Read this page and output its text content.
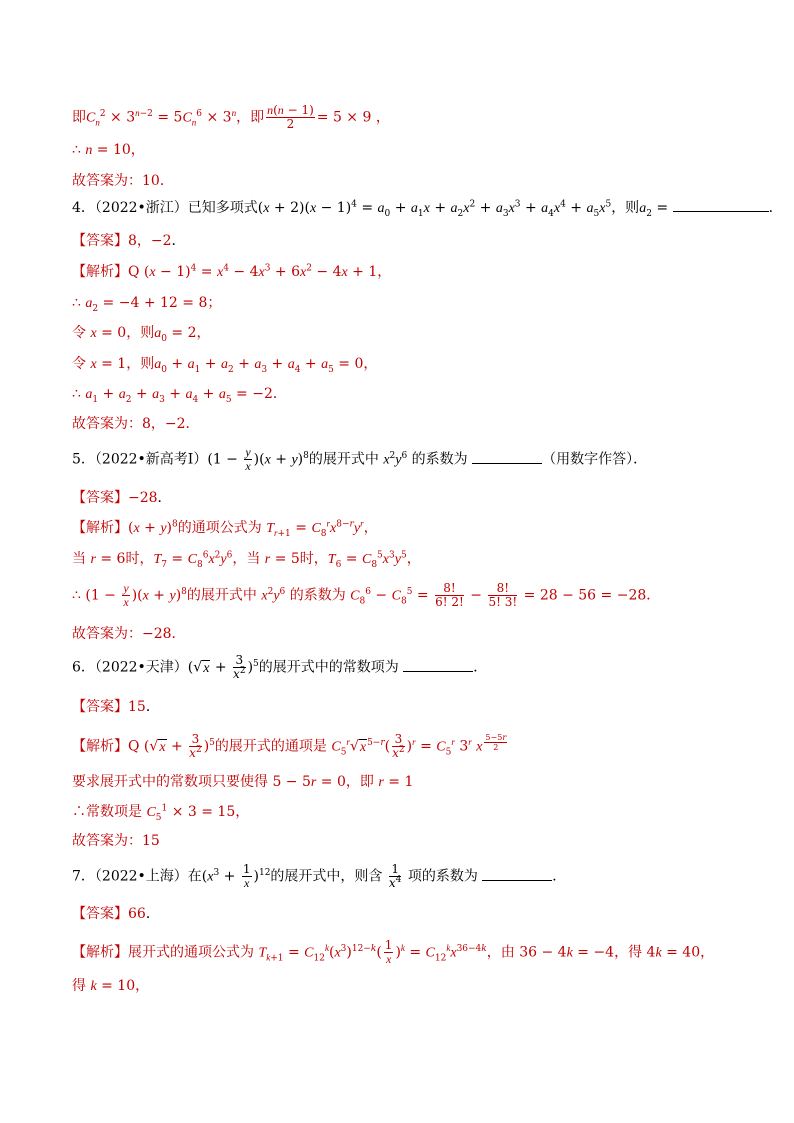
即$C_n^2 \times 3^{n-2} = 5C_n^6 \times 3^n$，即 $\frac{n(n - 1)}{2} = 5 \times 9$ ，
∴ n = 10，
故答案为：10．
4．（2022•浙江）已知多项式$(x + 2)(x - 1)^4 = a_0 + a_1x + a_2x^2 + a_3x^3 + a_4x^4 + a_5x^5$，则$a_2$ =	．
【答案】8，−2．
【解析】Q $(x - 1)^4 = x^4 - 4x^3 + 6x^2 - 4x + 1$，
∴ $a_2 = -4 + 12 = 8$；
令 x = 0，则$a_0 = 2$，
令 x = 1，则$a_0 + a_1 + a_2 + a_3 + a_4 + a_5 = 0$，
∴ $a_1 + a_2 + a_3 + a_4 + a_5 = -2$．
故答案为：8，−2．
5．（2022•新高考Ⅰ）(1 − $\frac{y}{x} )(x + y)^8$的展开式中 $x^2y^6$ 的系数为	（用数字作答）．
【答案】−28．
【解析】$(x + y)^8$的通项公式为 $T_{r+1} = C_8^rx^{8-r}y^r$，
当 r = 6时，$T_7 = C_8^6x^2y^6$，当 r = 5时，$T_6 = C_8^5x^3y^5$，
∴ $(1 - \frac{y}{x} )(x + y)^8$的展开式中 $x^2y^6$ 的系数为 $C_8^6 - C_8^5 = \frac{8!}{6! 2!} - \frac{8!}{5! 3!} = 28 - 56 = -28$．
故答案为：−28．
6．（2022•天津）$(√x + \frac{3}{x^2} )^5$的展开式中的常数项为	．
【答案】15．
【解析】Q $(√x + \frac{3}{x^2} )^5$的展开式的通项是 $C_5^r√x^{5-r}( \frac{3}{x^2} )^r = C_5^r$ 3$^r$ x $^{\frac{5-5r}{2}}$
要求展开式中的常数项只要使得 5 − 5r = 0，即 r = 1
∴常数项是 $C_5^1 \times 3 = 15$，
故答案为：15
7．（2022•上海）在$(x^3 + \frac{1}{x} )^{12}$的展开式中，则含 $\frac{1}{x^4}$ 项的系数为	．
【答案】66．
【解析】展开式的通项公式为 $T_{k+1} = C_{12}^k(x^3)^{12-k}( \frac{1}{x} )^k = C_{12}^kx^{36-4k}$，由 36 − 4k = −4，得 4k = 40，
得 k = 10，
